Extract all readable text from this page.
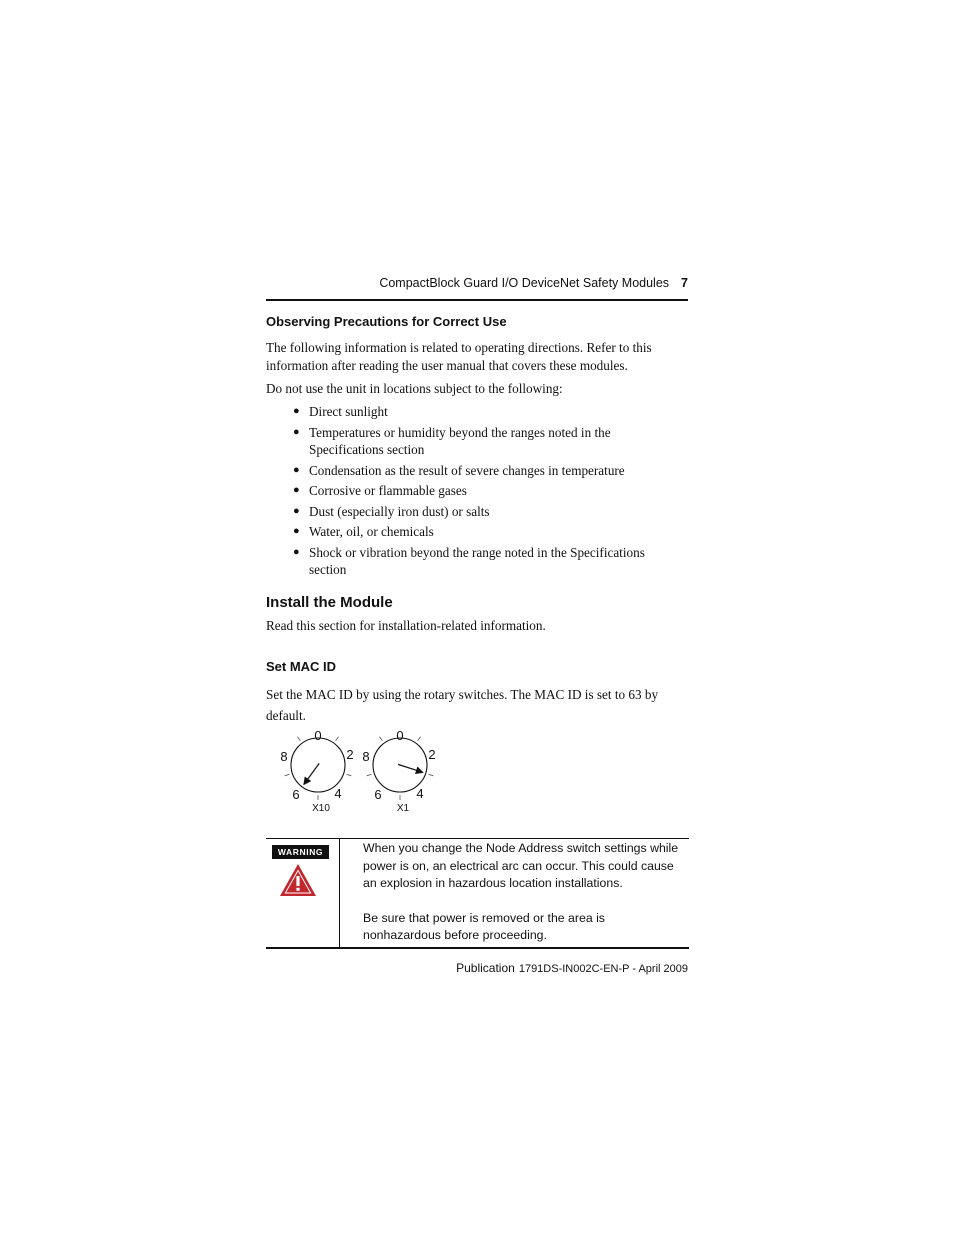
CompactBlock Guard I/O DeviceNet Safety Modules 7
Observing Precautions for Correct Use
The following information is related to operating directions. Refer to this information after reading the user manual that covers these modules.
Do not use the unit in locations subject to the following:
● Direct sunlight
● Temperatures or humidity beyond the ranges noted in the Specifications section
● Condensation as the result of severe changes in temperature
● Corrosive or flammable gases
● Dust (especially iron dust) or salts
● Water, oil, or chemicals
● Shock or vibration beyond the range noted in the Specifications section
Install the Module
Read this section for installation-related information.
Set MAC ID
Set the MAC ID by using the rotary switches. The MAC ID is set to 63 by default.
0
2
4
6
8
X10
0
2
4
6
8
X1
WARNING	When you change the Node Address switch settings while power is on, an electrical arc can occur. This could cause an explosion in hazardous location installations.
Be sure that power is removed or the area is nonhazardous before proceeding.
Publication 1791DS-IN002C-EN-P - April 2009
